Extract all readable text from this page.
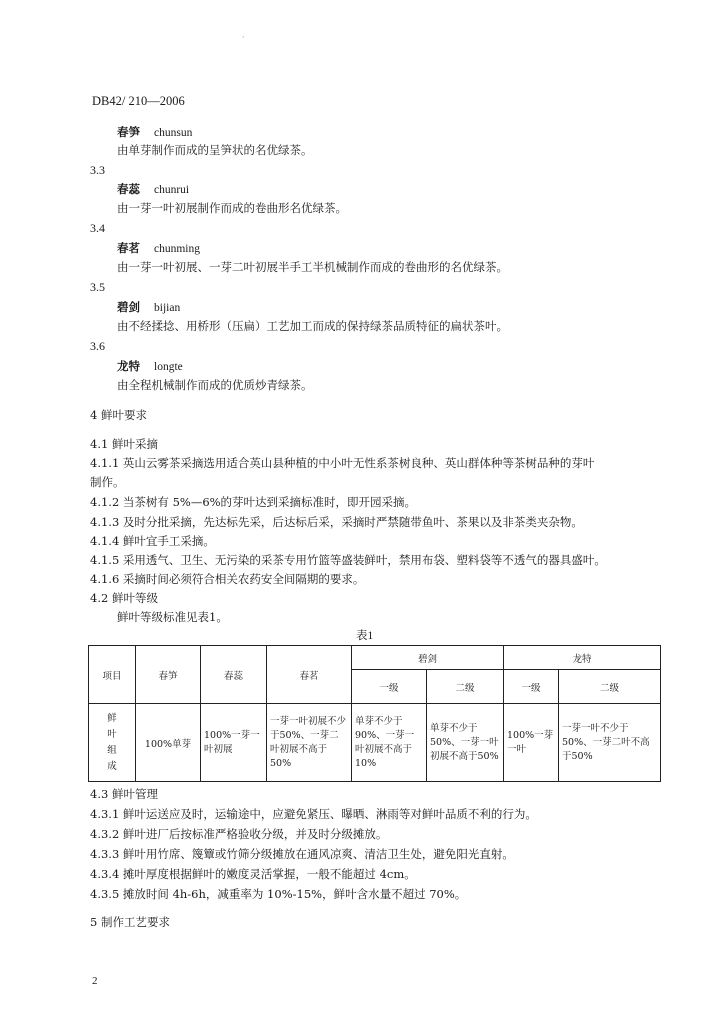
·
DB42/ 210—2006
春笋 chunsun
由单芽制作而成的呈笋状的名优绿茶。
3.3
春蕊 chunrui
由一芽一叶初展制作而成的卷曲形名优绿茶。
3.4
春茗 chunming
由一芽一叶初展、一芽二叶初展半手工半机械制作而成的卷曲形的名优绿茶。
3.5
碧剑 bijian
由不经揉捻、用桥形（压扁）工艺加工而成的保持绿茶品质特征的扁状茶叶。
3.6
龙特 longte
由全程机械制作而成的优质炒青绿茶。
4 鲜叶要求
4.1 鲜叶采摘
4.1.1 英山云雾茶采摘选用适合英山县种植的中小叶无性系茶树良种、英山群体种等茶树品种的芽叶
制作。
4.1.2 当茶树有 5%—6%的芽叶达到采摘标准时，即开园采摘。
4.1.3 及时分批采摘，先达标先采，后达标后采，采摘时严禁随带鱼叶、茶果以及非茶类夹杂物。
4.1.4 鲜叶宜手工采摘。
4.1.5 采用透气、卫生、无污染的采茶专用竹篮等盛装鲜叶，禁用布袋、塑料袋等不透气的器具盛叶。
4.1.6 采摘时间必须符合相关农药安全间隔期的要求。
4.2 鲜叶等级
鲜叶等级标准见表1。
表1
项目	春笋	春蕊	春茗	碧剑		龙特	
				一级	二级	一级	二级

鲜
叶
组
成	100%单芽	100%一芽一叶初展	一芽一叶初展不少于50%、一芽二叶初展不高于50%	单芽不少于90%、一芽一叶初展不高于10%	单芽不少于50%、一芽一叶初展不高于50%	100%一芽一叶	一芽一叶不少于50%、一芽二叶不高于50%
4.3 鲜叶管理
4.3.1 鲜叶运送应及时，运输途中，应避免紧压、曝晒、淋雨等对鲜叶品质不利的行为。
4.3.2 鲜叶进厂后按标准严格验收分级，并及时分级摊放。
4.3.3 鲜叶用竹席、篾簟或竹筛分级摊放在通风凉爽、清洁卫生处，避免阳光直射。
4.3.4 摊叶厚度根据鲜叶的嫩度灵活掌握，一般不能超过 4cm。
4.3.5 摊放时间 4h-6h，减重率为 10%-15%，鲜叶含水量不超过 70%。
5 制作工艺要求
2
